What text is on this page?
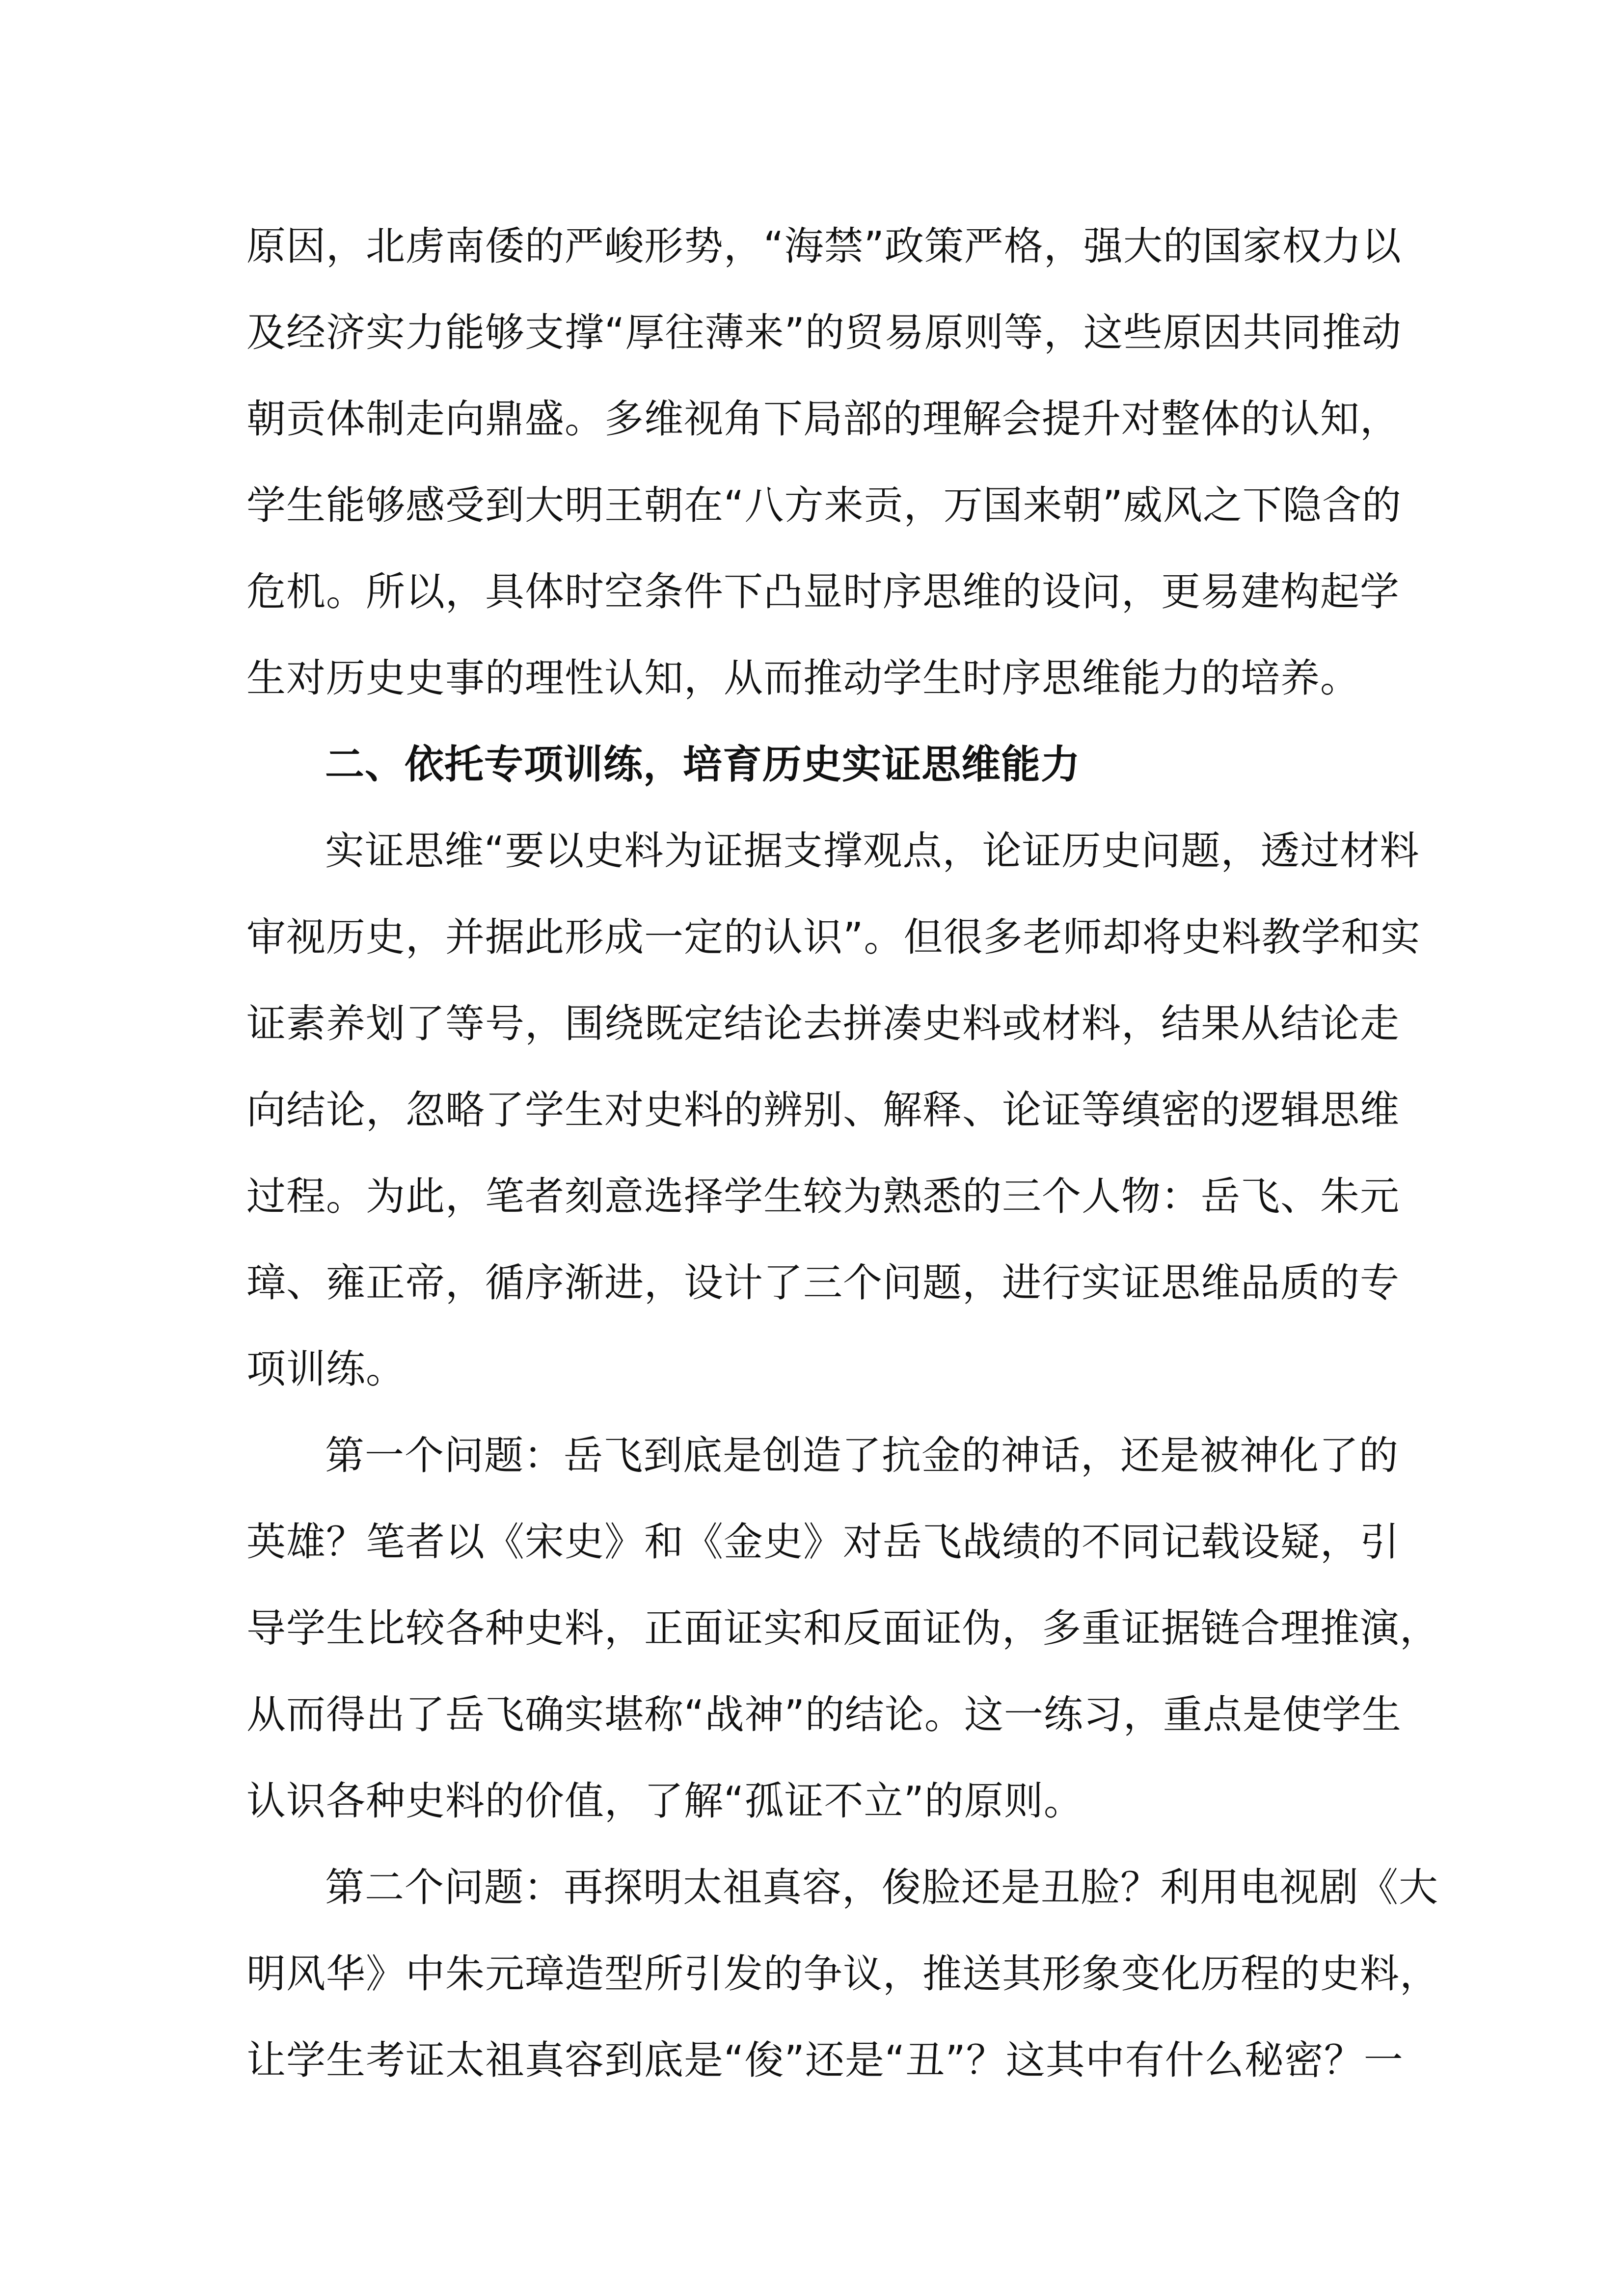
原因，北虏南倭的严峻形势，“海禁”政策严格，强大的国家权力以
及经济实力能够支撑“厚往薄来”的贸易原则等，这些原因共同推动
朝贡体制走向鼎盛。多维视角下局部的理解会提升对整体的认知，
学生能够感受到大明王朝在“八方来贡，万国来朝”威风之下隐含的
危机。所以，具体时空条件下凸显时序思维的设问，更易建构起学
生对历史史事的理性认知，从而推动学生时序思维能力的培养。
二、依托专项训练，培育历史实证思维能力
实证思维“要以史料为证据支撑观点，论证历史问题，透过材料
审视历史，并据此形成一定的认识”。但很多老师却将史料教学和实
证素养划了等号，围绕既定结论去拼凑史料或材料，结果从结论走
向结论，忽略了学生对史料的辨别、解释、论证等缜密的逻辑思维
过程。为此，笔者刻意选择学生较为熟悉的三个人物：岳飞、朱元
璋、雍正帝，循序渐进，设计了三个问题，进行实证思维品质的专
项训练。
第一个问题：岳飞到底是创造了抗金的神话，还是被神化了的
英雄？笔者以《宋史》和《金史》对岳飞战绩的不同记载设疑，引
导学生比较各种史料，正面证实和反面证伪，多重证据链合理推演，
从而得出了岳飞确实堪称“战神”的结论。这一练习，重点是使学生
认识各种史料的价值，了解“孤证不立”的原则。
第二个问题：再探明太祖真容，俊脸还是丑脸？利用电视剧《大
明风华》中朱元璋造型所引发的争议，推送其形象变化历程的史料，
让学生考证太祖真容到底是“俊”还是“丑”？这其中有什么秘密？一
